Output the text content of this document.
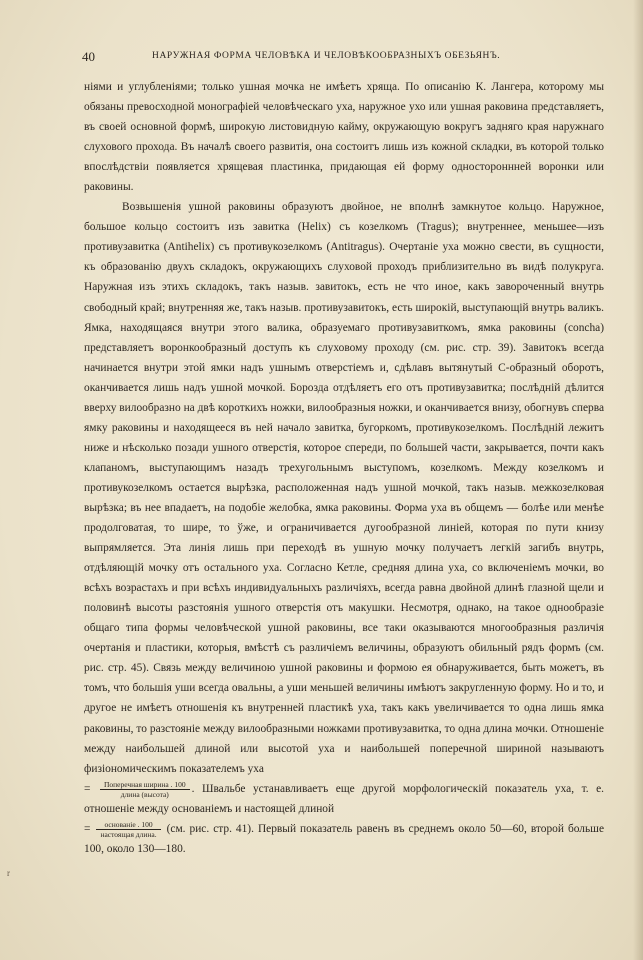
40	НАРУЖНАЯ ФОРМА ЧЕЛОВѢКА И ЧЕЛОВѢКООБРАЗНЫХЪ ОБЕЗЬЯНЪ.

ніями и углубленіями; только ушная мочка не имѣетъ хряща. По описанію К. Лангера, которому мы обязаны превосходной монографіей человѣческаго уха, наружное ухо или ушная раковина представляетъ, въ своей основной формѣ, широкую листовидную кайму, окружающую вокругъ задняго края наружнаго слухового прохода. Въ началѣ своего развитія, она состоитъ лишь изъ кожной складки, въ которой только впослѣдствіи появляется хрящевая пластинка, придающая ей форму одностороннней воронки или раковины.

Возвышенія ушной раковины образуютъ двойное, не вполнѣ замкнутое кольцо. Наружное, большое кольцо состоитъ изъ завитка (Helix) съ козелкомъ (Tragus); внутреннее, меньшее—изъ противузавитка (Antihelix) съ противукозелкомъ (Antitragus). Очертаніе уха можно свести, въ сущности, къ образованію двухъ складокъ, окружающихъ слуховой проходъ приблизительно въ видѣ полукруга. Наружная изъ этихъ складокъ, такъ назыв. завитокъ, есть не что иное, какъ завороченный внутрь свободный край; внутренняя же, такъ назыв. противузавитокъ, есть широкій, выступающій внутрь валикъ. Ямка, находящаяся внутри этого валика, образуемаго противузавиткомъ, ямка раковины (concha) представляетъ воронкообразный доступъ къ слуховому проходу (см. рис. стр. 39). Завитокъ всегда начинается внутри этой ямки надъ ушнымъ отверстіемъ и, сдѣлавъ вытянутый С-образный оборотъ, оканчивается лишь надъ ушной мочкой. Борозда отдѣляетъ его отъ противузавитка; послѣдній дѣлится вверху вилообразно на двѣ короткихъ ножки, вилообразныя ножки, и оканчивается внизу, обогнувъ сперва ямку раковины и находящееся въ ней начало завитка, бугоркомъ, противукозелкомъ. Послѣдній лежитъ ниже и нѣсколько позади ушного отверстія, которое спереди, по большей части, закрывается, почти какъ клапаномъ, выступающимъ назадъ трехугольнымъ выступомъ, козелкомъ. Между козелкомъ и противукозелкомъ остается вырѣзка, расположенная надъ ушной мочкой, такъ назыв. межкозелковая вырѣзка; въ нее впадаетъ, на подобіе желобка, ямка раковины. Форма уха въ общемъ — болѣе или менѣе продолговатая, то шире, то ўже, и ограничивается дугообразной линіей, которая по пути книзу выпрямляется. Эта линія лишь при переходѣ въ ушную мочку получаетъ легкій загибъ внутрь, отдѣляющій мочку отъ остального уха. Согласно Кетле, средняя длина уха, со включеніемъ мочки, во всѣхъ возрастахъ и при всѣхъ индивидуальныхъ различіяхъ, всегда равна двойной длинѣ глазной щели и половинѣ высоты разстоянія ушного отверстія отъ макушки. Несмотря, однако, на такое однообразіе общаго типа формы человѣческой ушной раковины, все таки оказываются многообразныя различія очертанія и пластики, которыя, вмѣстѣ съ различіемъ величины, образуютъ обильный рядъ формъ (см. рис. стр. 45). Связь между величиною ушной раковины и формою ея обнаруживается, быть можетъ, въ томъ, что большія уши всегда овальны, а уши меньшей величины имѣютъ закругленную форму. Но и то, и другое не имѣетъ отношенія къ внутренней пластикѣ уха, такъ какъ увеличивается то одна лишь ямка раковины, то разстояніе между вилообразными ножками противузавитка, то одна длина мочки. Отношеніе между наибольшей длиной или высотой уха и наибольшей поперечной шириной называютъ физіономическимъ показателемъ уха

= $\frac{\text{Поперечная ширина . 100}}{\text{длина (высота)}}$ . Швальбе устанавливаетъ еще другой морфологическій показатель уха, т. е. отношеніе между основаніемъ и настоящей длиной

= $\frac{\text{основаніе . 100}}{\text{настоящая длина.}} (см$. рис. стр. 41). Первый показатель равенъ въ среднемъ около 50—60, второй больше 100, около 130—180.

r
